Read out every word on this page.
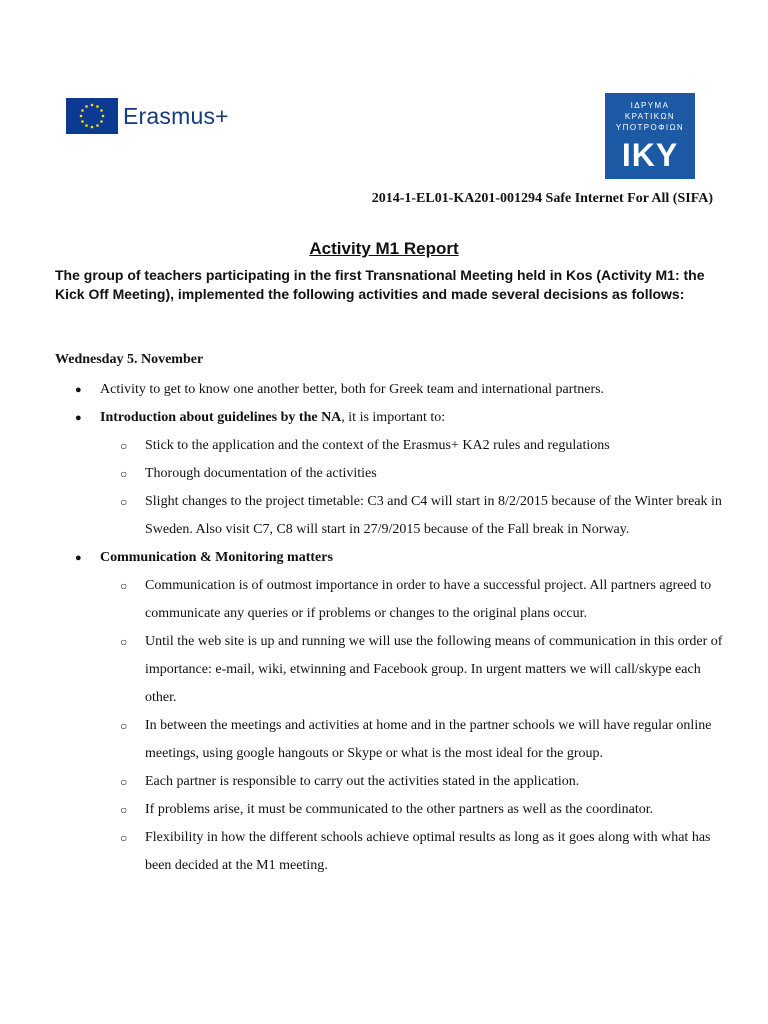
Erasmus+	ΙΔΡΥΜΑ
ΚΡΑΤΙΚΩΝ
ΥΠΟΤΡΟΦΙΩΝ
IKY
2014-1-EL01-KA201-001294 Safe Internet For All (SIFA)
Activity M1 Report
The group of teachers participating in the first Transnational Meeting held in Kos (Activity M1: the Kick Off Meeting), implemented the following activities and made several decisions as follows:
Wednesday 5. November
● Activity to get to know one another better, both for Greek team and international partners.
● Introduction about guidelines by the NA, it is important to:
○ Stick to the application and the context of the Erasmus+ KA2 rules and regulations
○ Thorough documentation of the activities
○ Slight changes to the project timetable: C3 and C4 will start in 8/2/2015 because of the Winter break in Sweden. Also visit C7, C8 will start in 27/9/2015 because of the Fall break in Norway.
● Communication & Monitoring matters
○ Communication is of outmost importance in order to have a successful project. All partners agreed to communicate any queries or if problems or changes to the original plans occur.
○ Until the web site is up and running we will use the following means of communication in this order of importance: e-mail, wiki, etwinning and Facebook group. In urgent matters we will call/skype each other.
○ In between the meetings and activities at home and in the partner schools we will have regular online meetings, using google hangouts or Skype or what is the most ideal for the group.
○ Each partner is responsible to carry out the activities stated in the application.
○ If problems arise, it must be communicated to the other partners as well as the coordinator.
○ Flexibility in how the different schools achieve optimal results as long as it goes along with what has been decided at the M1 meeting.
